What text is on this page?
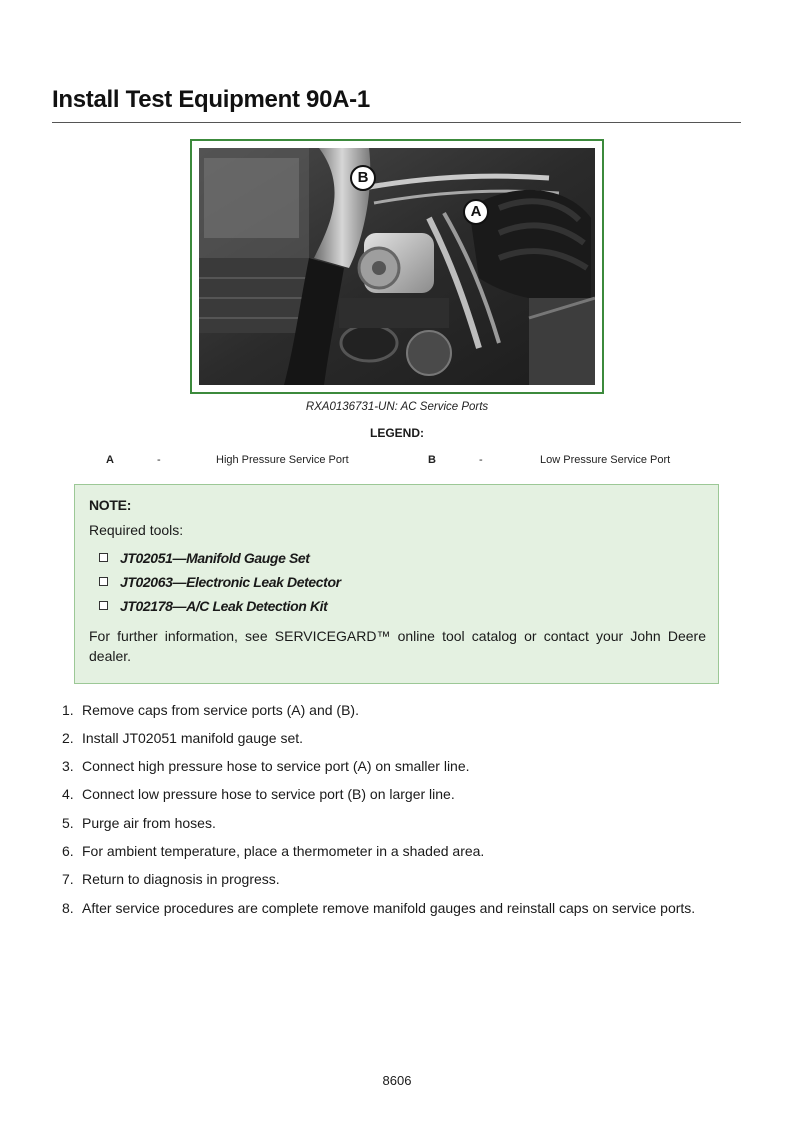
Install Test Equipment 90A-1
B
A
RXA0136731-UN: AC Service Ports
LEGEND:
A	-	High Pressure Service Port	B	-	Low Pressure Service Port
NOTE:
Required tools:
JT02051—Manifold Gauge Set
JT02063—Electronic Leak Detector
JT02178—A/C Leak Detection Kit
For further information, see SERVICEGARD™ online tool catalog or contact your John Deere dealer.
1. Remove caps from service ports (A) and (B).
2. Install JT02051 manifold gauge set.
3. Connect high pressure hose to service port (A) on smaller line.
4. Connect low pressure hose to service port (B) on larger line.
5. Purge air from hoses.
6. For ambient temperature, place a thermometer in a shaded area.
7. Return to diagnosis in progress.
8. After service procedures are complete remove manifold gauges and reinstall caps on service ports.
8606
